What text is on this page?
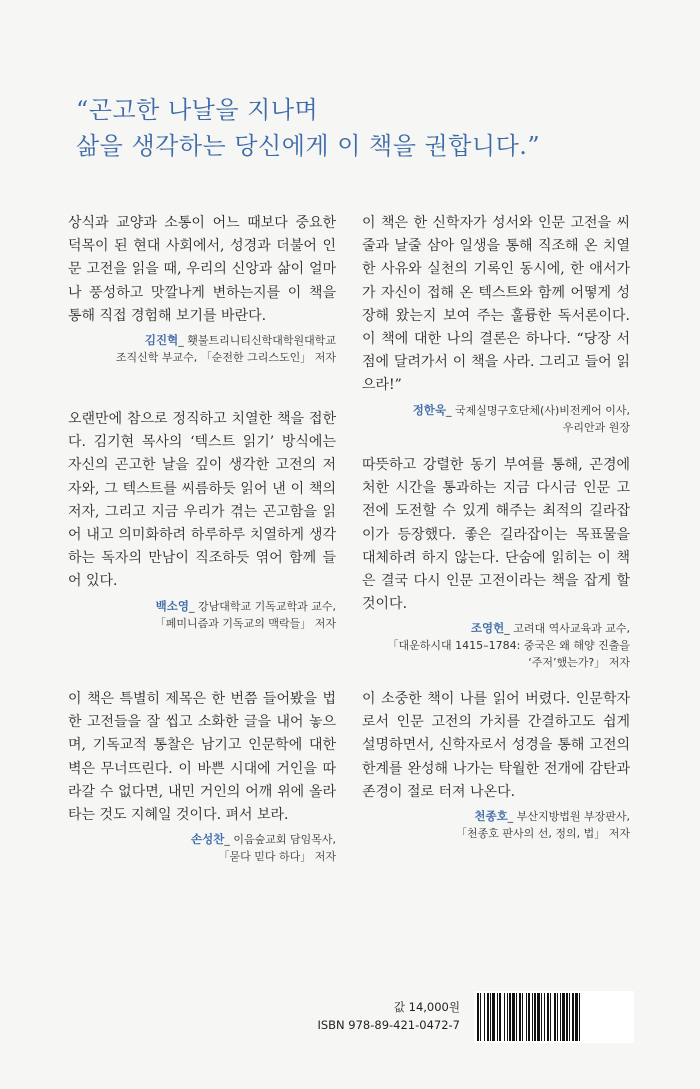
“곤고한 나날을 지나며
삶을 생각하는 당신에게 이 책을 권합니다.”

상식과 교양과 소통이 어느 때보다 중요한 덕목이 된 현대 사회에서, 성경과 더불어 인문 고전을 읽을 때, 우리의 신앙과 삶이 얼마나 풍성하고 맛깔나게 변하는지를 이 책을 통해 직접 경험해 보기를 바란다.

김진혁_ 횃불트리니티신학대학원대학교
조직신학 부교수, 「순전한 그리스도인」 저자

오랜만에 참으로 정직하고 치열한 책을 접한다. 김기현 목사의 ‘텍스트 읽기’ 방식에는 자신의 곤고한 날을 깊이 생각한 고전의 저자와, 그 텍스트를 씨름하듯 읽어 낸 이 책의 저자, 그리고 지금 우리가 겪는 곤고함을 읽어 내고 의미화하려 하루하루 치열하게 생각하는 독자의 만남이 직조하듯 엮어 함께 들어 있다.

백소영_ 강남대학교 기독교학과 교수,
「페미니즘과 기독교의 맥락들」 저자

이 책은 특별히 제목은 한 번쯤 들어봤을 법한 고전들을 잘 씹고 소화한 글을 내어 놓으며, 기독교적 통찰은 남기고 인문학에 대한 벽은 무너뜨린다. 이 바쁜 시대에 거인을 따라갈 수 없다면, 내민 거인의 어깨 위에 올라타는 것도 지혜일 것이다. 펴서 보라.

손성찬_ 이음숲교회 담임목사,
「묻다 믿다 하다」 저자

이 책은 한 신학자가 성서와 인문 고전을 씨줄과 날줄 삼아 일생을 통해 직조해 온 치열한 사유와 실천의 기록인 동시에, 한 애서가가 자신이 접해 온 텍스트와 함께 어떻게 성장해 왔는지 보여 주는 훌륭한 독서론이다. 이 책에 대한 나의 결론은 하나다. “당장 서점에 달려가서 이 책을 사라. 그리고 들어 읽으라!”

정한욱_ 국제실명구호단체(사)비전케어 이사,
우리안과 원장

따뜻하고 강렬한 동기 부여를 통해, 곤경에 처한 시간을 통과하는 지금 다시금 인문 고전에 도전할 수 있게 해주는 최적의 길라잡이가 등장했다. 좋은 길라잡이는 목표물을 대체하려 하지 않는다. 단숨에 읽히는 이 책은 결국 다시 인문 고전이라는 책을 잡게 할 것이다.

조영헌_ 고려대 역사교육과 교수,
「대운하시대 1415–1784: 중국은 왜 해양 진출을
‘주저’했는가?」 저자

이 소중한 책이 나를 읽어 버렸다. 인문학자로서 인문 고전의 가치를 간결하고도 쉽게 설명하면서, 신학자로서 성경을 통해 고전의 한계를 완성해 나가는 탁월한 전개에 감탄과 존경이 절로 터져 나온다.

천종호_ 부산지방법원 부장판사,
「천종호 판사의 선, 정의, 법」 저자
값 14,000원
ISBN 978-89-421-0472-7
